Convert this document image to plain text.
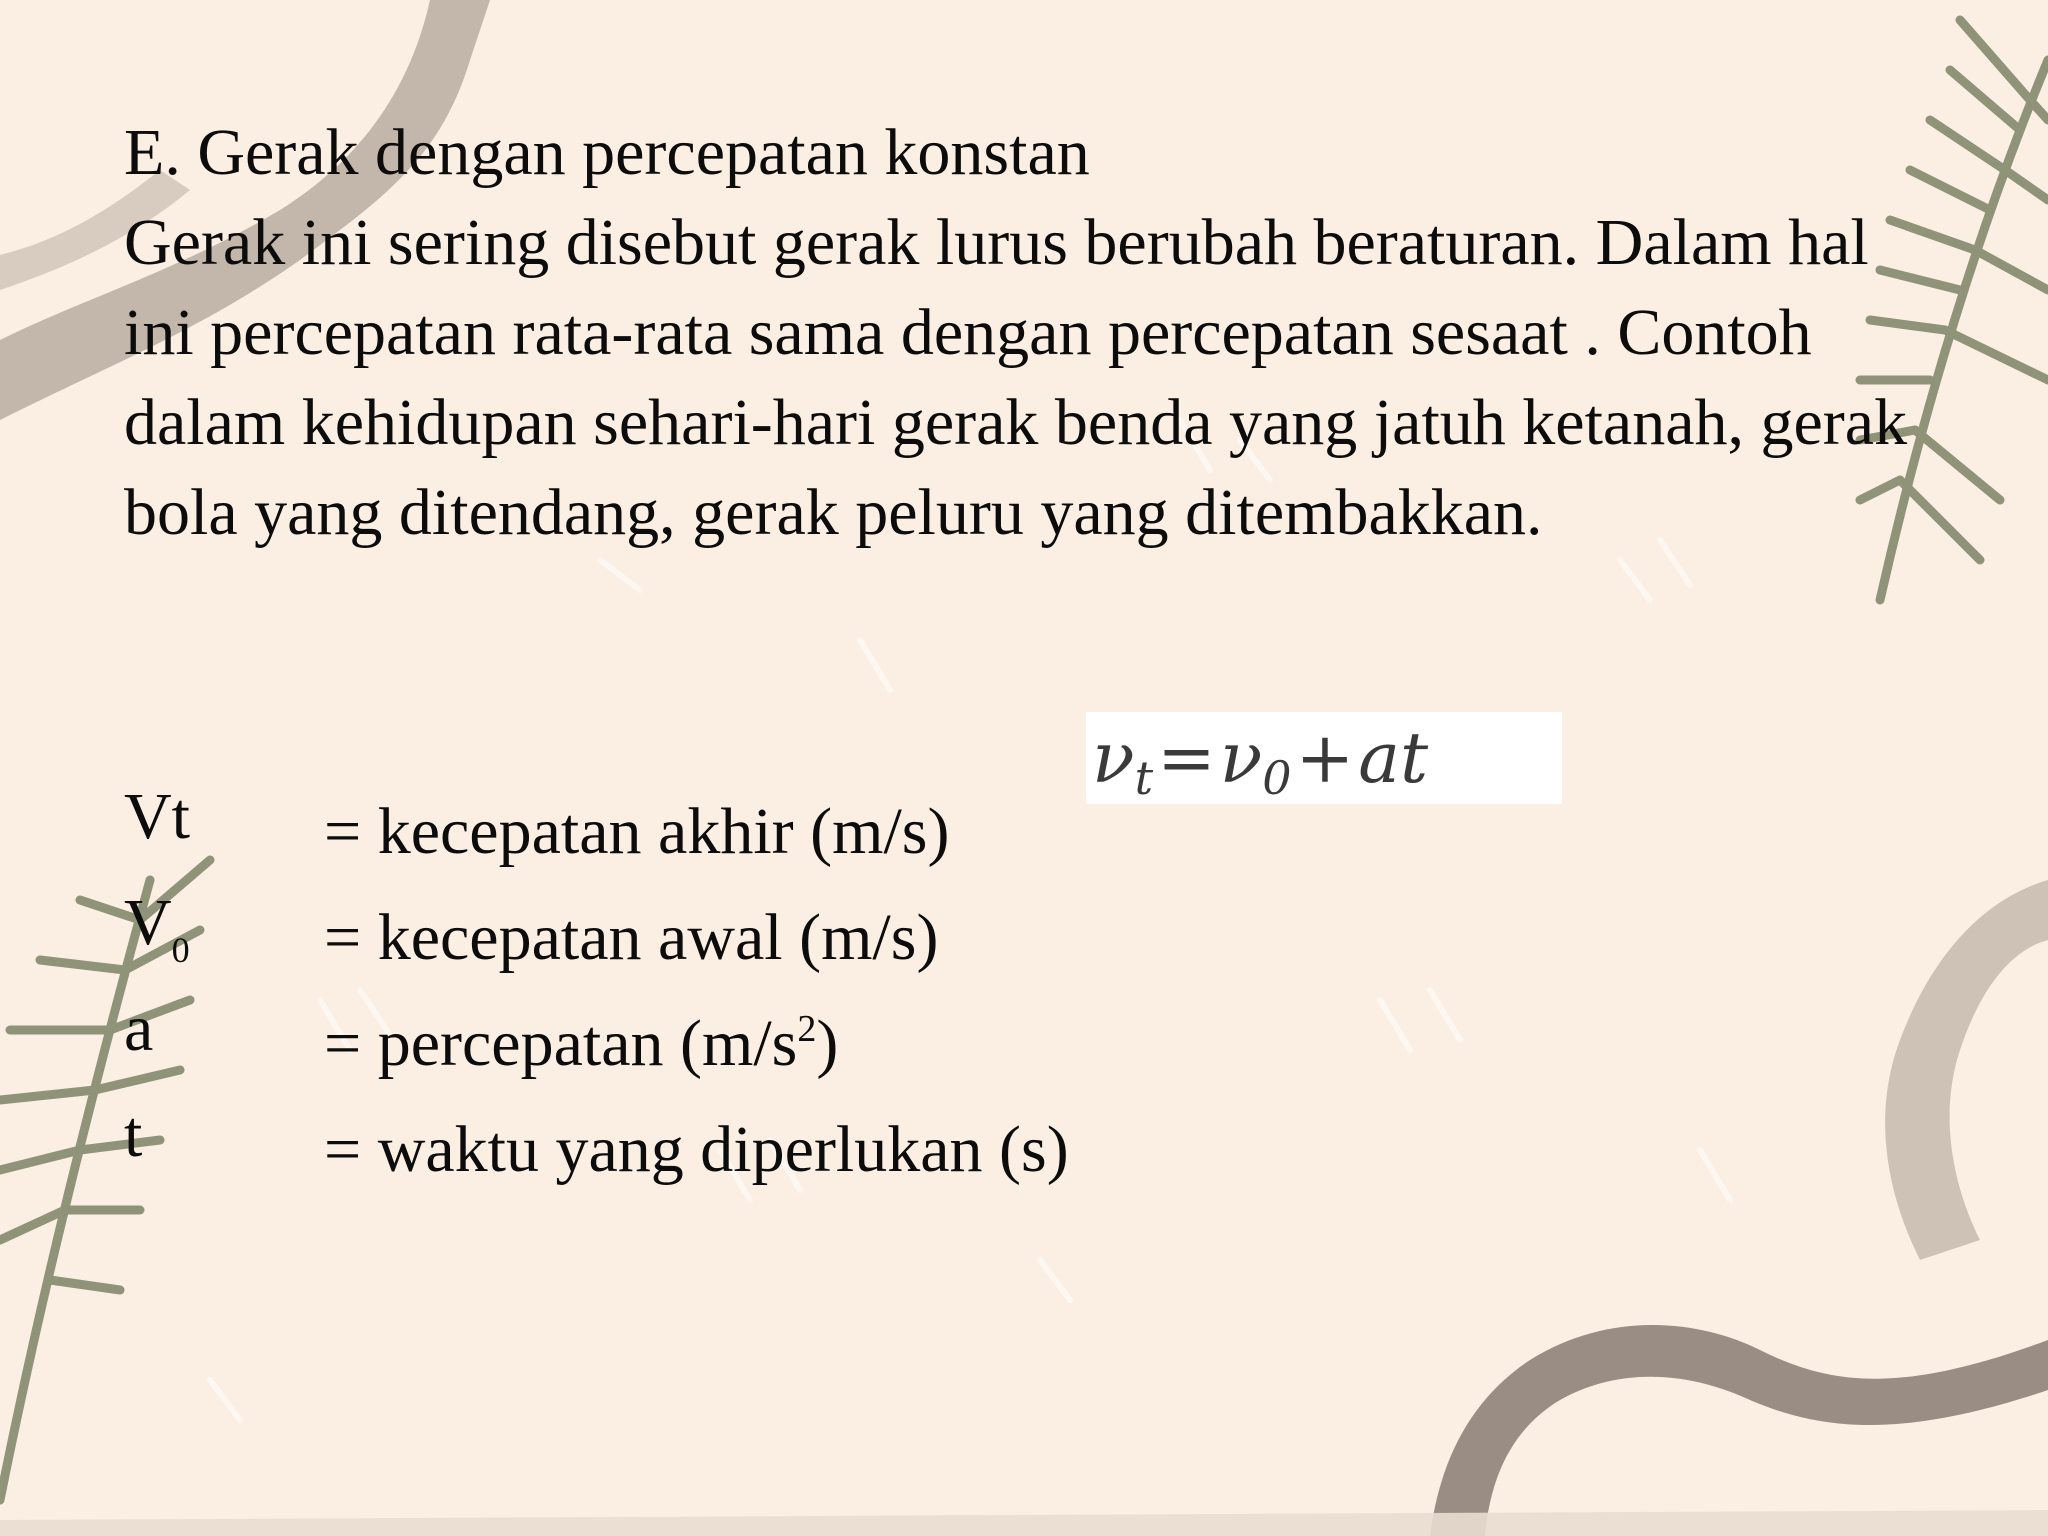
E. Gerak dengan percepatan konstan

Gerak ini sering disebut gerak lurus berubah beraturan. Dalam hal ini percepatan rata-rata sama dengan percepatan sesaat . Contoh dalam kehidupan sehari-hari gerak benda yang jatuh ketanah, gerak bola yang ditendang, gerak peluru yang ditembakkan.

$\nu_t=\nu_0+at$
Vt = kecepatan akhir (m/s)
$V_0$ = kecepatan awal (m/s)
a	= percepatan $(m/s^2)$
t	= waktu yang diperlukan (s)
